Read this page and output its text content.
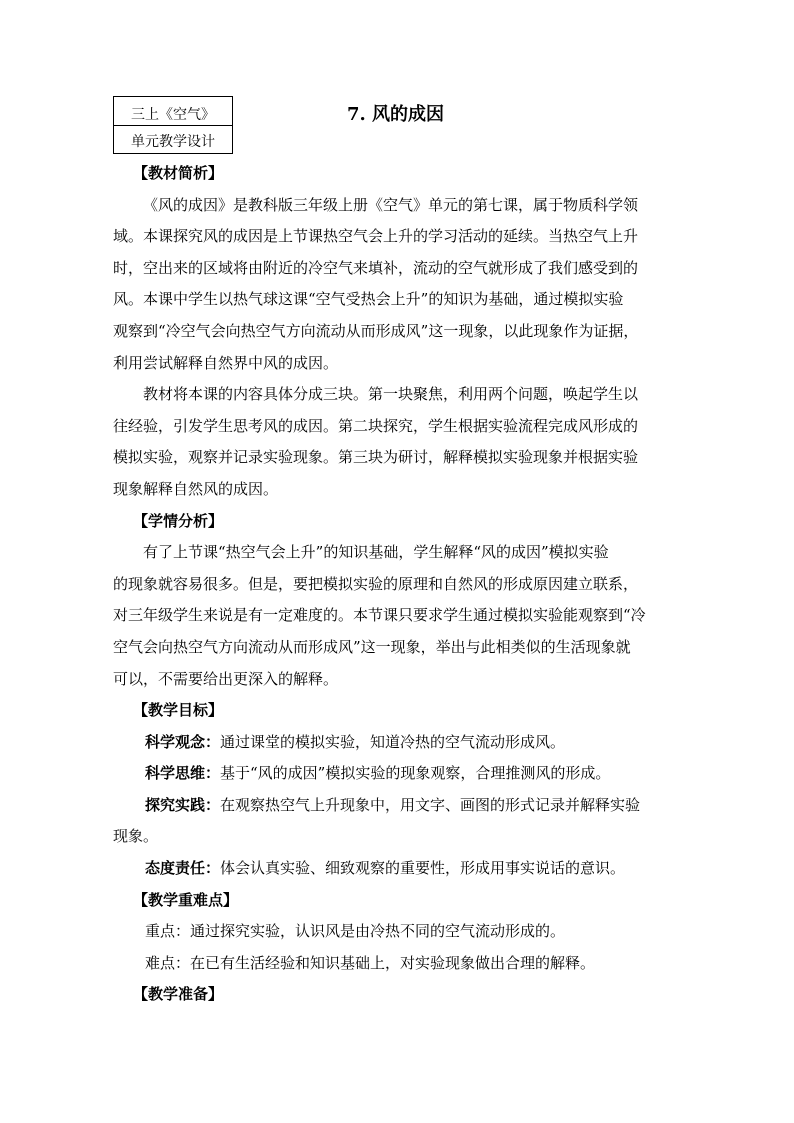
三上《空气》
单元教学设计
7. 风的成因

【教材简析】

《风的成因》是教科版三年级上册《空气》单元的第七课，属于物质科学领
域。本课探究风的成因是上节课热空气会上升的学习活动的延续。当热空气上升
时，空出来的区域将由附近的冷空气来填补，流动的空气就形成了我们感受到的
风。本课中学生以热气球这课“空气受热会上升”的知识为基础，通过模拟实验
观察到“冷空气会向热空气方向流动从而形成风”这一现象，以此现象作为证据，
利用尝试解释自然界中风的成因。

教材将本课的内容具体分成三块。第一块聚焦，利用两个问题，唤起学生以
往经验，引发学生思考风的成因。第二块探究，学生根据实验流程完成风形成的
模拟实验，观察并记录实验现象。第三块为研讨，解释模拟实验现象并根据实验
现象解释自然风的成因。

【学情分析】

有了上节课“热空气会上升”的知识基础，学生解释“风的成因”模拟实验
的现象就容易很多。但是，要把模拟实验的原理和自然风的形成原因建立联系，
对三年级学生来说是有一定难度的。本节课只要求学生通过模拟实验能观察到“冷
空气会向热空气方向流动从而形成风”这一现象，举出与此相类似的生活现象就
可以，不需要给出更深入的解释。

【教学目标】

科学观念：通过课堂的模拟实验，知道冷热的空气流动形成风。

科学思维：基于“风的成因”模拟实验的现象观察，合理推测风的形成。

探究实践：在观察热空气上升现象中，用文字、画图的形式记录并解释实验
现象。

态度责任：体会认真实验、细致观察的重要性，形成用事实说话的意识。

【教学重难点】

重点：通过探究实验，认识风是由冷热不同的空气流动形成的。

难点：在已有生活经验和知识基础上，对实验现象做出合理的解释。

【教学准备】
